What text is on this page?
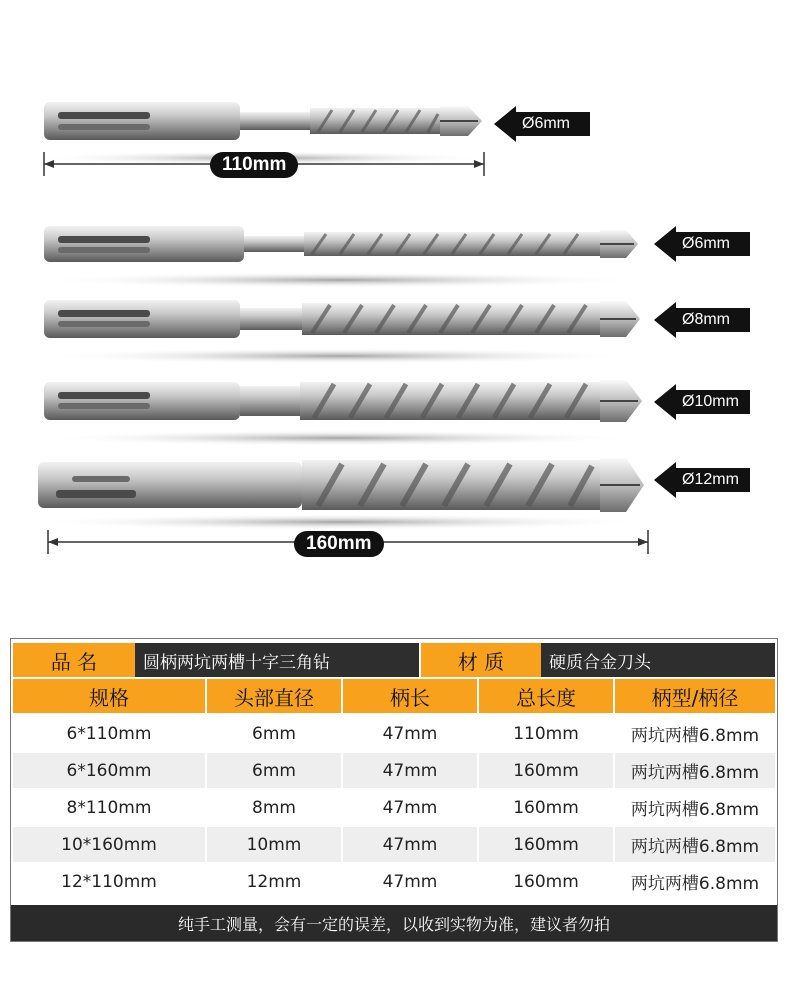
110mm
160mm
Ø6mm
Ø6mm
Ø8mm
Ø10mm
Ø12mm
品 名	圆柄两坑两槽十字三角钻	材 质	硬质合金刀头
规格	头部直径	柄长	总长度	柄型/柄径
6*110mm	6mm	47mm	110mm	两坑两槽6.8mm
6*160mm	6mm	47mm	160mm	两坑两槽6.8mm
8*110mm	8mm	47mm	160mm	两坑两槽6.8mm
10*160mm	10mm	47mm	160mm	两坑两槽6.8mm
12*110mm	12mm	47mm	160mm	两坑两槽6.8mm
纯手工测量，会有一定的误差，以收到实物为准，建议者勿拍
